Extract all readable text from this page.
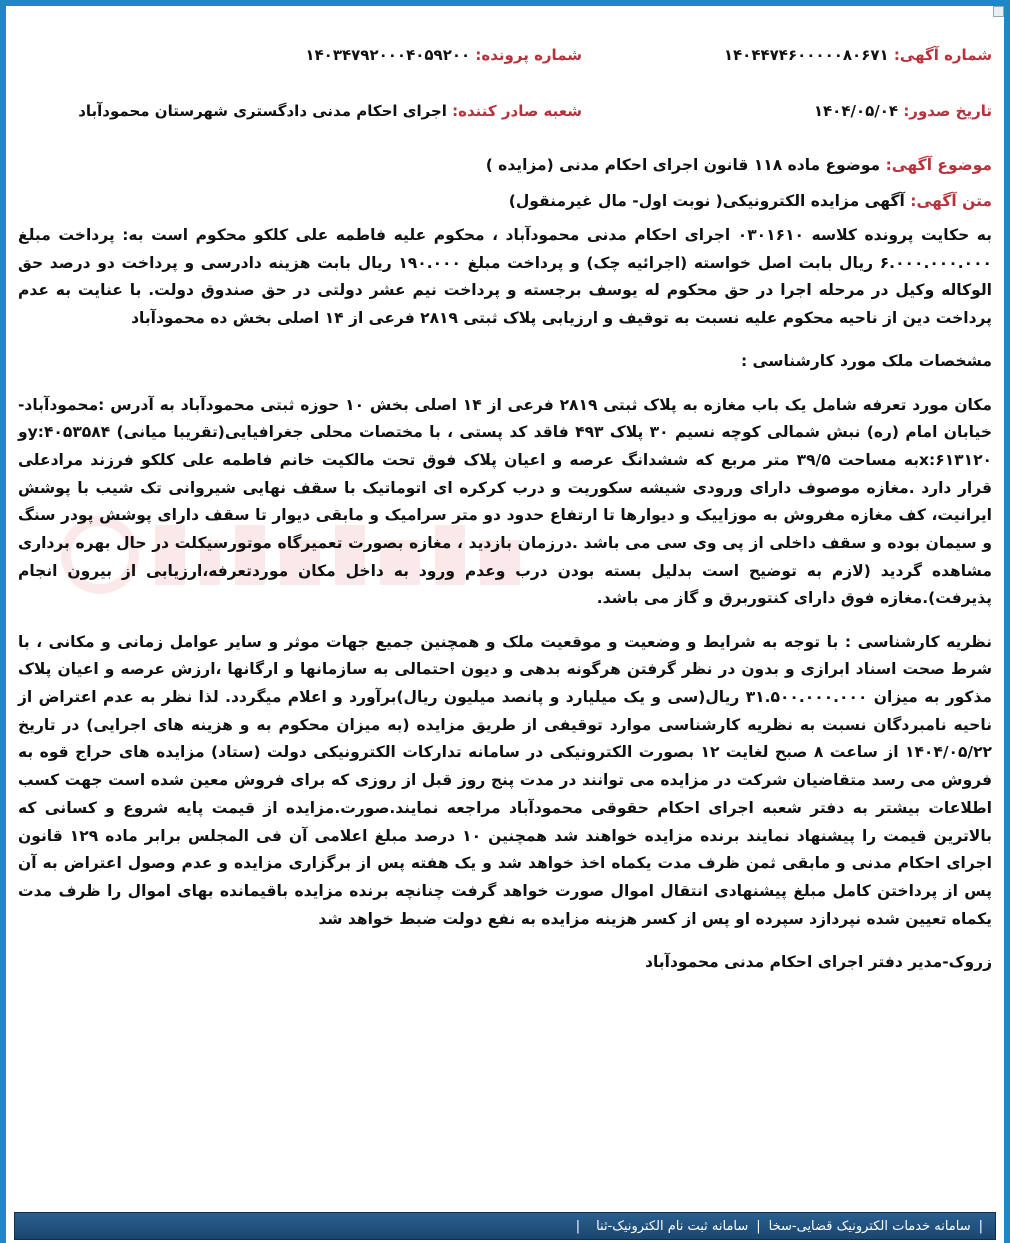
شماره آگهی: ۱۴۰۴۴۷۴۶۰۰۰۰۰۸۰۶۷۱
شماره پرونده: ۱۴۰۳۴۷۹۲۰۰۰۴۰۵۹۲۰۰
تاریخ صدور: ۱۴۰۴/۰۵/۰۴
شعبه صادر کننده: اجرای احکام مدنی دادگستری شهرستان محمودآباد
موضوع آگهی: موضوع ماده ۱۱۸ قانون اجرای احکام مدنی (مزایده )
متن آگهی: آگهی مزایده الکترونیکی( نوبت اول- مال غیرمنقول)

به حکایت پرونده کلاسه ۰۳۰۱۶۱۰ اجرای احکام مدنی محمودآباد ، محکوم علیه فاطمه علی کلکو محکوم است به: پرداخت مبلغ ۶.۰۰۰.۰۰۰.۰۰۰ ریال بابت اصل خواسته (اجرائیه چک) و پرداخت مبلغ ۱۹۰.۰۰۰ ریال بابت هزینه دادرسی و پرداخت دو درصد حق الوکاله وکیل در مرحله اجرا در حق محکوم له یوسف برجسته و پرداخت نیم عشر دولتی در حق صندوق دولت. با عنایت به عدم پرداخت دین از ناحیه محکوم علیه نسبت به توقیف و ارزیابی پلاک ثبتی ۲۸۱۹ فرعی از ۱۴ اصلی بخش ده محمودآباد

مشخصات ملک مورد کارشناسی :

مکان مورد تعرفه شامل یک باب مغازه به پلاک ثبتی ۲۸۱۹ فرعی از ۱۴ اصلی بخش ۱۰ حوزه ثبتی محمودآباد به آدرس :محمودآباد- خیابان امام (ره) نبش شمالی کوچه نسیم ۳۰ پلاک ۴۹۳ فاقد کد پستی ، با مختصات محلی جغرافیایی(تقریبا میانی) y:۴۰۵۳۵۸۴و x:۶۱۳۱۲۰به مساحت ۳۹/۵ متر مربع که ششدانگ عرصه و اعیان پلاک فوق تحت مالکیت خانم فاطمه علی کلکو فرزند مرادعلی قرار دارد .مغازه موصوف دارای ورودی شیشه سکوریت و درب کرکره ای اتوماتیک با سقف نهایی شیروانی تک شیب با پوشش ایرانیت، کف مغازه مفروش به موزاییک و دیوارها تا ارتفاع حدود دو متر سرامیک و مابقی دیوار تا سقف دارای پوشش پودر سنگ و سیمان بوده و سقف داخلی از پی وی سی می باشد .درزمان بازدید ، مغازه بصورت تعمیرگاه موتورسیکلت در حال بهره برداری مشاهده گردید (لازم به توضیح است بدلیل بسته بودن درب وعدم ورود به داخل مکان موردتعرفه،ارزیابی از بیرون انجام پذیرفت).مغازه فوق دارای کنتوربرق و گاز می باشد.

نظریه کارشناسی : با توجه به شرایط و وضعیت و موقعیت ملک و همچنین جمیع جهات موثر و سایر عوامل زمانی و مکانی ، با شرط صحت اسناد ابرازی و بدون در نظر گرفتن هرگونه بدهی و دیون احتمالی به سازمانها و ارگانها ،ارزش عرصه و اعیان پلاک مذکور به میزان ۳۱.۵۰۰.۰۰۰.۰۰۰ ریال(سی و یک میلیارد و پانصد میلیون ریال)برآورد و اعلام میگردد. لذا نظر به عدم اعتراض از ناحیه نامبردگان نسبت به نظریه کارشناسی موارد توقیفی از طریق مزایده (به میزان محکوم به و هزینه های اجرایی) در تاریخ ۱۴۰۴/۰۵/۲۲ از ساعت ۸ صبح لغایت ۱۲ بصورت الکترونیکی در سامانه تدارکات الکترونیکی دولت (ستاد) مزایده های حراج قوه به فروش می رسد متقاضیان شرکت در مزایده می توانند در مدت پنج روز قبل از روزی که برای فروش معین شده است جهت کسب اطلاعات بیشتر به دفتر شعبه اجرای احکام حقوقی محمودآباد مراجعه نمایند.صورت.مزایده از قیمت پایه شروع و کسانی که بالاترین قیمت را پیشنهاد نمایند برنده مزایده خواهند شد همچنین ۱۰ درصد مبلغ اعلامی آن فی المجلس برابر ماده ۱۲۹ قانون اجرای احکام مدنی و مابقی ثمن ظرف مدت یکماه اخذ خواهد شد و یک هفته پس از برگزاری مزایده و عدم وصول اعتراض به آن پس از پرداختن کامل مبلغ پیشنهادی انتقال اموال صورت خواهد گرفت چنانچه برنده مزایده باقیمانده بهای اموال را ظرف مدت یکماه تعیین شده نپردازد سپرده او پس از کسر هزینه مزایده به نفع دولت ضبط خواهد شد

زروک-مدیر دفتر اجرای احکام مدنی محمودآباد

|
سامانه خدمات الکترونیک قضایی-سخا
|
سامانه ثبت نام الکترونیک-ثنا
|
